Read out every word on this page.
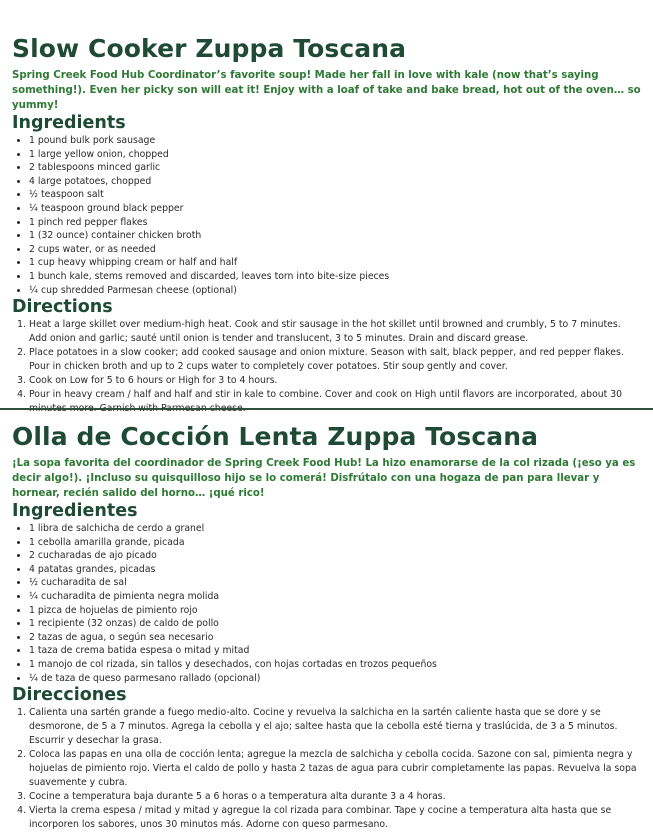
Slow Cooker Zuppa Toscana

Spring Creek Food Hub Coordinator’s favorite soup! Made her fall in love with kale (now that’s saying something!). Even her picky son will eat it! Enjoy with a loaf of take and bake bread, hot out of the oven… so yummy!

Ingredients
• 1 pound bulk pork sausage
• 1 large yellow onion, chopped
• 2 tablespoons minced garlic
• 4 large potatoes, chopped
• ½ teaspoon salt
• ¼ teaspoon ground black pepper
• 1 pinch red pepper flakes
• 1 (32 ounce) container chicken broth
• 2 cups water, or as needed
• 1 cup heavy whipping cream or half and half
• 1 bunch kale, stems removed and discarded, leaves torn into bite-size pieces
• ¼ cup shredded Parmesan cheese (optional)
Directions
1. Heat a large skillet over medium-high heat. Cook and stir sausage in the hot skillet until browned and crumbly, 5 to 7 minutes. Add onion and garlic; sauté until onion is tender and translucent, 3 to 5 minutes. Drain and discard grease.
2. Place potatoes in a slow cooker; add cooked sausage and onion mixture. Season with salt, black pepper, and red pepper flakes. Pour in chicken broth and up to 2 cups water to completely cover potatoes. Stir soup gently and cover.
3. Cook on Low for 5 to 6 hours or High for 3 to 4 hours.
4. Pour in heavy cream / half and half and stir in kale to combine. Cover and cook on High until flavors are incorporated, about 30
Olla de Cocción Lenta Zuppa Toscana

¡La sopa favorita del coordinador de Spring Creek Food Hub! La hizo enamorarse de la col rizada (¡eso ya es decir algo!). ¡Incluso su quisquilloso hijo se lo comerá! Disfrútalo con una hogaza de pan para llevar y hornear, recién salido del horno… ¡qué rico!

Ingredientes
• 1 libra de salchicha de cerdo a granel
• 1 cebolla amarilla grande, picada
• 2 cucharadas de ajo picado
• 4 patatas grandes, picadas
• ½ cucharadita de sal
• ¼ cucharadita de pimienta negra molida
• 1 pizca de hojuelas de pimiento rojo
• 1 recipiente (32 onzas) de caldo de pollo
• 2 tazas de agua, o según sea necesario
• 1 taza de crema batida espesa o mitad y mitad
• 1 manojo de col rizada, sin tallos y desechados, con hojas cortadas en trozos pequeños
• ¼ de taza de queso parmesano rallado (opcional)
Direcciones
1. Calienta una sartén grande a fuego medio-alto. Cocine y revuelva la salchicha en la sartén caliente hasta que se dore y se desmorone, de 5 a 7 minutos. Agrega la cebolla y el ajo; saltee hasta que la cebolla esté tierna y traslúcida, de 3 a 5 minutos. Escurrir y desechar la grasa.
2. Coloca las papas en una olla de cocción lenta; agregue la mezcla de salchicha y cebolla cocida. Sazone con sal, pimienta negra y hojuelas de pimiento rojo. Vierta el caldo de pollo y hasta 2 tazas de agua para cubrir completamente las papas. Revuelva la sopa suavemente y cubra.
3. Cocine a temperatura baja durante 5 a 6 horas o a temperatura alta durante 3 a 4 horas.
4. Vierta la crema espesa / mitad y mitad y agregue la col rizada para combinar. Tape y cocine a temperatura alta hasta que se incorporen los sabores, unos 30 minutos más. Adorne con queso parmesano.
